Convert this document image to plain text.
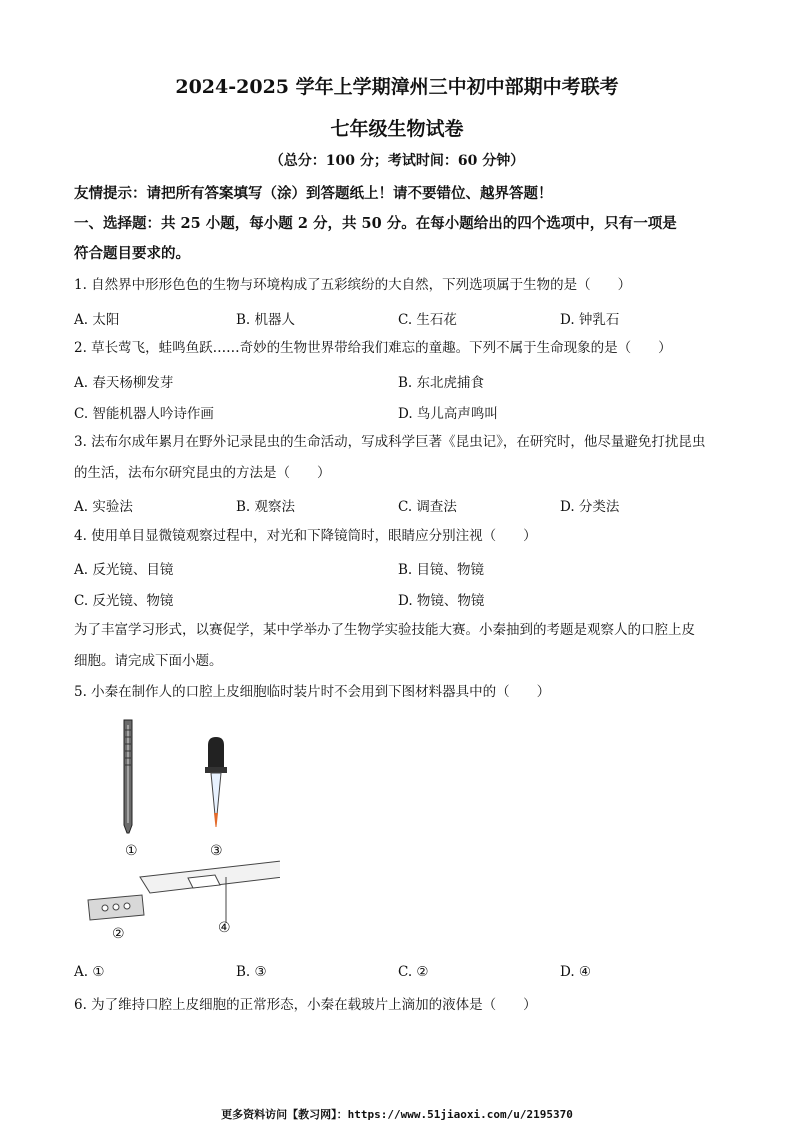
2024-2025 学年上学期漳州三中初中部期中考联考
七年级生物试卷
（总分：100 分；考试时间：60 分钟）
友情提示：请把所有答案填写（涂）到答题纸上！请不要错位、越界答题！
一、选择题：共 25 小题，每小题 2 分，共 50 分。在每小题给出的四个选项中，只有一项是
符合题目要求的。
1. 自然界中形形色色的生物与环境构成了五彩缤纷的大自然，下列选项属于生物的是（　　）
A. 太阳	B. 机器人	C. 生石花	D. 钟乳石
2. 草长莺飞，蛙鸣鱼跃……奇妙的生物世界带给我们难忘的童趣。下列不属于生命现象的是（　　）
A. 春天杨柳发芽	B. 东北虎捕食
C. 智能机器人吟诗作画	D. 鸟儿高声鸣叫
3. 法布尔成年累月在野外记录昆虫的生命活动，写成科学巨著《昆虫记》，在研究时，他尽量避免打扰昆虫
的生活，法布尔研究昆虫的方法是（　　）
A. 实验法	B. 观察法	C. 调查法	D. 分类法
4. 使用单目显微镜观察过程中，对光和下降镜筒时，眼睛应分别注视（　　）
A. 反光镜、目镜	B. 目镜、物镜
C. 反光镜、物镜	D. 物镜、物镜
为了丰富学习形式，以赛促学，某中学举办了生物学实验技能大赛。小秦抽到的考题是观察人的口腔上皮
细胞。请完成下面小题。
5. 小秦在制作人的口腔上皮细胞临时装片时不会用到下图材料器具中的（　　）
①	③
②	④
A. ①	B. ③	C. ②	D. ④
6. 为了维持口腔上皮细胞的正常形态，小秦在载玻片上滴加的液体是（　　）
更多资料访问【教习网】：https://www.51jiaoxi.com/u/2195370
